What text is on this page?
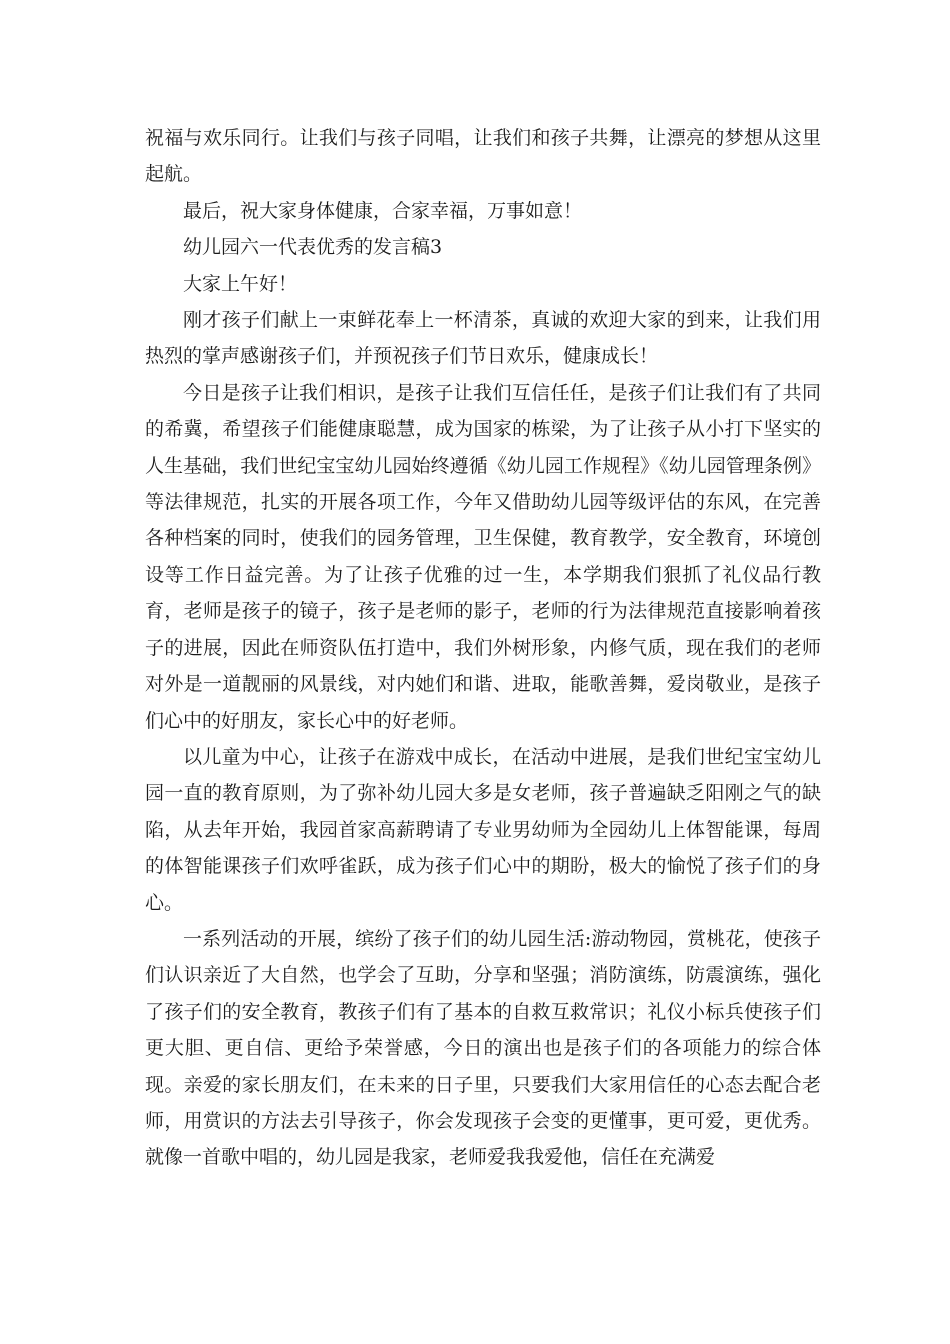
祝福与欢乐同行。让我们与孩子同唱，让我们和孩子共舞，让漂亮的梦想从这里起航。

最后，祝大家身体健康，合家幸福，万事如意！

幼儿园六一代表优秀的发言稿3

大家上午好！

刚才孩子们献上一束鲜花奉上一杯清茶，真诚的欢迎大家的到来，让我们用热烈的掌声感谢孩子们，并预祝孩子们节日欢乐，健康成长！

今日是孩子让我们相识，是孩子让我们互信任任，是孩子们让我们有了共同的希冀，希望孩子们能健康聪慧，成为国家的栋梁，为了让孩子从小打下坚实的人生基础，我们世纪宝宝幼儿园始终遵循《幼儿园工作规程》《幼儿园管理条例》等法律规范，扎实的开展各项工作，今年又借助幼儿园等级评估的东风，在完善各种档案的同时，使我们的园务管理，卫生保健，教育教学，安全教育，环境创设等工作日益完善。为了让孩子优雅的过一生，本学期我们狠抓了礼仪品行教育，老师是孩子的镜子，孩子是老师的影子，老师的行为法律规范直接影响着孩子的进展，因此在师资队伍打造中，我们外树形象，内修气质，现在我们的老师对外是一道靓丽的风景线，对内她们和谐、进取，能歌善舞，爱岗敬业，是孩子们心中的好朋友，家长心中的好老师。

以儿童为中心，让孩子在游戏中成长，在活动中进展，是我们世纪宝宝幼儿园一直的教育原则，为了弥补幼儿园大多是女老师，孩子普遍缺乏阳刚之气的缺陷，从去年开始，我园首家高薪聘请了专业男幼师为全园幼儿上体智能课，每周的体智能课孩子们欢呼雀跃，成为孩子们心中的期盼，极大的愉悦了孩子们的身心。

一系列活动的开展，缤纷了孩子们的幼儿园生活:游动物园，赏桃花，使孩子们认识亲近了大自然，也学会了互助，分享和坚强；消防演练，防震演练，强化了孩子们的安全教育，教孩子们有了基本的自救互救常识；礼仪小标兵使孩子们更大胆、更自信、更给予荣誉感，今日的演出也是孩子们的各项能力的综合体现。亲爱的家长朋友们，在未来的日子里，只要我们大家用信任的心态去配合老师，用赏识的方法去引导孩子，你会发现孩子会变的更懂事，更可爱，更优秀。就像一首歌中唱的，幼儿园是我家，老师爱我我爱他，信任在充满爱
